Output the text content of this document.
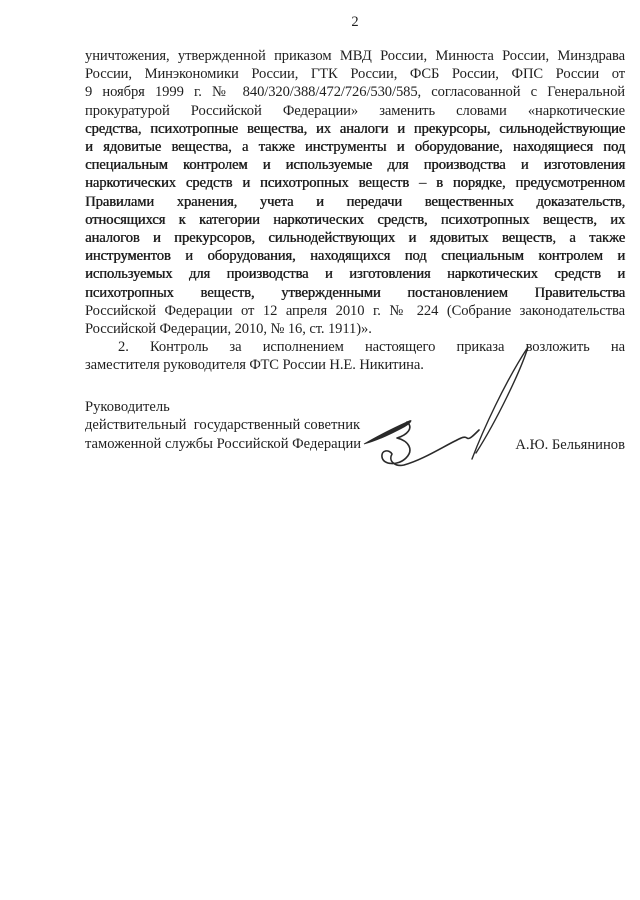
2
уничтожения, утвержденной приказом МВД России, Минюста России, Минздрава
России, Минэкономики России, ГТК России, ФСБ России, ФПС России от
9 ноября 1999 г. № 840/320/388/472/726/530/585, согласованной с Генеральной
прокуратурой Российской Федерации» заменить словами «наркотические
средства, психотропные вещества, их аналоги и прекурсоры, сильнодействующие
и ядовитые вещества, а также инструменты и оборудование, находящиеся под
специальным контролем и используемые для производства и изготовления
наркотических средств и психотропных веществ – в порядке, предусмотренном
Правилами хранения, учета и передачи вещественных доказательств,
относящихся к категории наркотических средств, психотропных веществ, их
аналогов и прекурсоров, сильнодействующих и ядовитых веществ, а также
инструментов и оборудования, находящихся под специальным контролем и
используемых для производства и изготовления наркотических средств и
психотропных веществ, утвержденными постановлением Правительства
Российской Федерации от 12 апреля 2010 г. № 224 (Собрание законодательства
Российской Федерации, 2010, № 16, ст. 1911)».
2. Контроль за исполнением настоящего приказа возложить на
заместителя руководителя ФТС России Н.Е. Никитина.
Руководитель
действительный  государственный советник
таможенной службы Российской Федерации	А.Ю. Бельянинов
